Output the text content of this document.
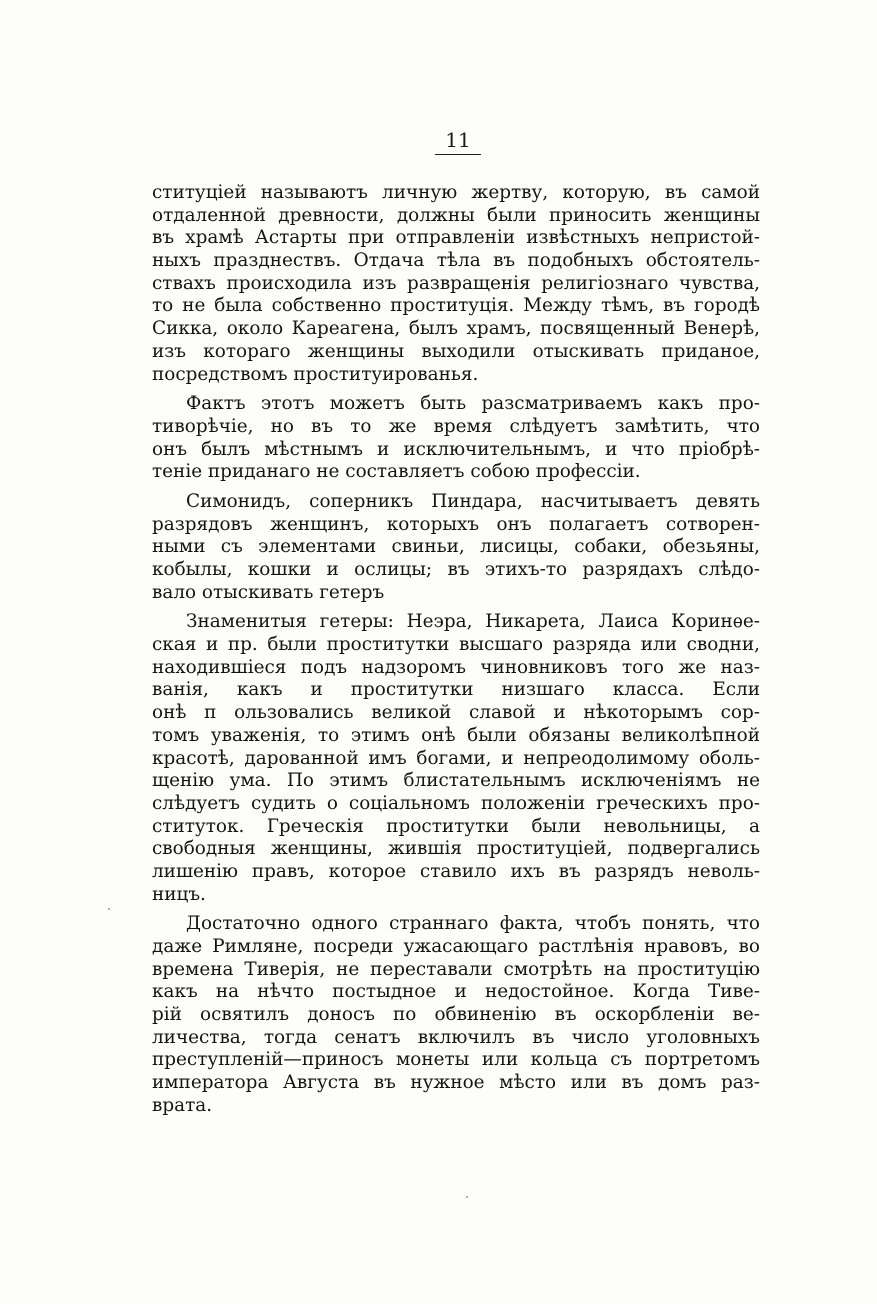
11
ституцiей называютъ личную жертву, которую, въ самой
отдаленной древности, должны были приносить женщины
въ храмѣ Астарты при отправленiи извѣстныхъ непристой-
ныхъ празднествъ. Отдача тѣла въ подобныхъ обстоятель-
ствахъ происходила изъ развращенiя религiознаго чувства,
то не была собственно проституцiя. Между тѣмъ, въ городѣ
Сикка, около Кареагена, былъ храмъ, посвященный Венерѣ,
изъ котораго женщины выходили отыскивать приданое,
посредствомъ проституированья.
Фактъ этотъ можетъ быть разсматриваемъ какъ про-
тиворѣчiе, но въ то же время слѣдуетъ замѣтить, что
онъ былъ мѣстнымъ и исключительнымъ, и что прiобрѣ-
тенiе приданаго не составляетъ собою профессiи.
Симонидъ, соперникъ Пиндара, насчитываетъ девять
разрядовъ женщинъ, которыхъ онъ полагаетъ сотворен-
ными съ элементами свиньи, лисицы, собаки, обезьяны,
кобылы, кошки и ослицы; въ этихъ-то разрядахъ слѣдо-
вало отыскивать гетеръ
Знаменитыя гетеры: Неэра, Никарета, Лаиса Коринѳе-
ская и пр. были проститутки высшаго разряда или сводни,
находившiеся подъ надзоромъ чиновниковъ того же наз-
ванiя, какъ и проститутки низшаго класса. Если
онѣ п ользовались великой славой и нѣкоторымъ сор-
томъ уваженiя, то этимъ онѣ были обязаны великолѣпной
красотѣ, дарованной имъ богами, и непреодолимому оболь-
щенiю ума. По этимъ блистательнымъ исключенiямъ не
слѣдуетъ судить о соцiальномъ положенiи греческихъ про-
ституток. Греческiя проститутки были невольницы, а
свободныя женщины, жившiя проституцiей, подвергались
лишенiю правъ, которое ставило ихъ въ разрядъ неволь-
ницъ.
Достаточно одного страннаго факта, чтобъ понять, что
даже Римляне, посреди ужасающаго растлѣнiя нравовъ, во
времена Тиверiя, не переставали смотрѣть на проституцiю
какъ на нѣчто постыдное и недостойное. Когда Тиве-
рiй освятилъ доносъ по обвиненiю въ оскорбленiи ве-
личества, тогда сенатъ включилъ въ число уголовныхъ
преступленiй—приносъ монеты или кольца съ портретомъ
императора Августа въ нужное мѣсто или въ домъ раз-
врата.
